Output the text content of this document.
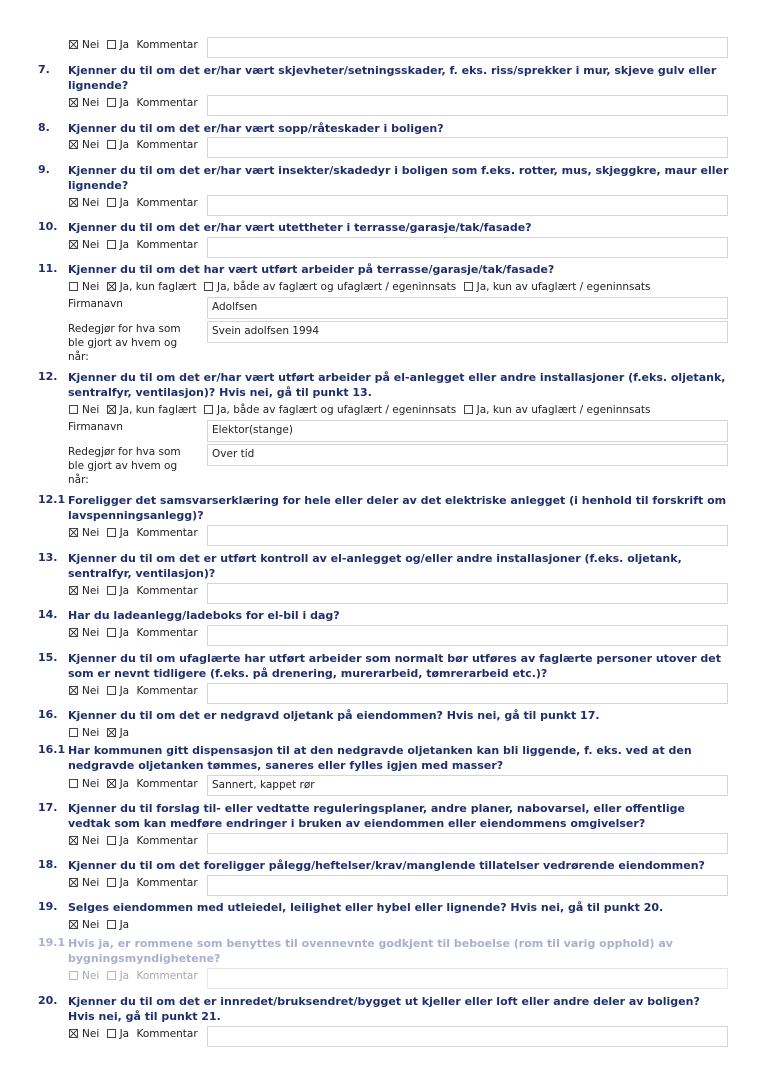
Nei Ja Kommentar
7. Kjenner du til om det er/har vært skjevheter/setningsskader, f. eks. riss/sprekker i mur, skjeve gulv eller lignende?
Nei Ja Kommentar
8. Kjenner du til om det er/har vært sopp/råteskader i boligen?
Nei Ja Kommentar
9. Kjenner du til om det er/har vært insekter/skadedyr i boligen som f.eks. rotter, mus, skjeggkre, maur eller lignende?
Nei Ja Kommentar
10. Kjenner du til om det er/har vært utettheter i terrasse/garasje/tak/fasade?
Nei Ja Kommentar
11. Kjenner du til om det har vært utført arbeider på terrasse/garasje/tak/fasade?
Nei Ja, kun faglært Ja, både av faglært og ufaglært / egeninnsats Ja, kun av ufaglært / egeninnsats
Firmanavn	Adolfsen
Redegjør for hva som ble gjort av hvem og når:
Svein adolfsen 1994
12. Kjenner du til om det er/har vært utført arbeider på el-anlegget eller andre installasjoner (f.eks. oljetank, sentralfyr, ventilasjon)? Hvis nei, gå til punkt 13.
Nei Ja, kun faglært Ja, både av faglært og ufaglært / egeninnsats Ja, kun av ufaglært / egeninnsats
Firmanavn	Elektor(stange)
Redegjør for hva som ble gjort av hvem og når:
Over tid
12.1 Foreligger det samsvarserklæring for hele eller deler av det elektriske anlegget (i henhold til forskrift om lavspenningsanlegg)?
Nei Ja Kommentar
13. Kjenner du til om det er utført kontroll av el-anlegget og/eller andre installasjoner (f.eks. oljetank, sentralfyr, ventilasjon)?
Nei Ja Kommentar
14. Har du ladeanlegg/ladeboks for el-bil i dag?
Nei Ja Kommentar
15. Kjenner du til om ufaglærte har utført arbeider som normalt bør utføres av faglærte personer utover det som er nevnt tidligere (f.eks. på drenering, murerarbeid, tømrerarbeid etc.)?
Nei Ja Kommentar
16. Kjenner du til om det er nedgravd oljetank på eiendommen? Hvis nei, gå til punkt 17.
Nei Ja
16.1 Har kommunen gitt dispensasjon til at den nedgravde oljetanken kan bli liggende, f. eks. ved at den nedgravde oljetanken tømmes, saneres eller fylles igjen med masser?
Nei Ja Kommentar	Sannert, kappet rør
17. Kjenner du til forslag til- eller vedtatte reguleringsplaner, andre planer, nabovarsel, eller offentlige vedtak som kan medføre endringer i bruken av eiendommen eller eiendommens omgivelser?
Nei Ja Kommentar
18. Kjenner du til om det foreligger pålegg/heftelser/krav/manglende tillatelser vedrørende eiendommen?
Nei Ja Kommentar
19. Selges eiendommen med utleiedel, leilighet eller hybel eller lignende? Hvis nei, gå til punkt 20.
Nei Ja
19.1 Hvis ja, er rommene som benyttes til ovennevnte godkjent til beboelse (rom til varig opphold) av bygningsmyndighetene?
Nei Ja Kommentar
20. Kjenner du til om det er innredet/bruksendret/bygget ut kjeller eller loft eller andre deler av boligen? Hvis nei, gå til punkt 21.
Nei Ja Kommentar
